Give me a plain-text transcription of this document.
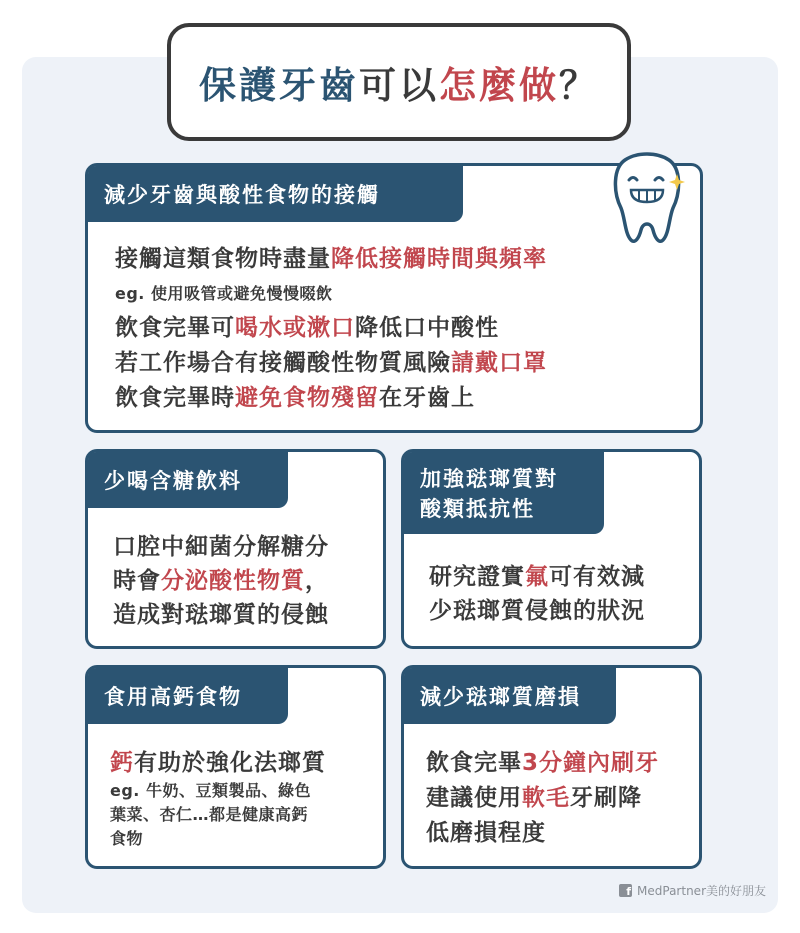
保護牙齒 可以 怎麼做 ？
減少牙齒與酸性食物的接觸
接觸這類食物時盡量降低接觸時間與頻率
eg. 使用吸管或避免慢慢啜飲
飲食完畢可喝水或漱口降低口中酸性
若工作場合有接觸酸性物質風險請戴口罩
飲食完畢時避免食物殘留在牙齒上
少喝含糖飲料
口腔中細菌分解糖分
時會分泌酸性物質，
造成對琺瑯質的侵蝕
加強琺瑯質對
酸類抵抗性
研究證實氟可有效減
少琺瑯質侵蝕的狀況
食用高鈣食物
鈣有助於強化法瑯質
eg. 牛奶、豆類製品、綠色
葉菜、杏仁…都是健康高鈣
食物
減少琺瑯質磨損
飲食完畢3分鐘內刷牙
建議使用軟毛牙刷降
低磨損程度
f MedPartner美的好朋友
